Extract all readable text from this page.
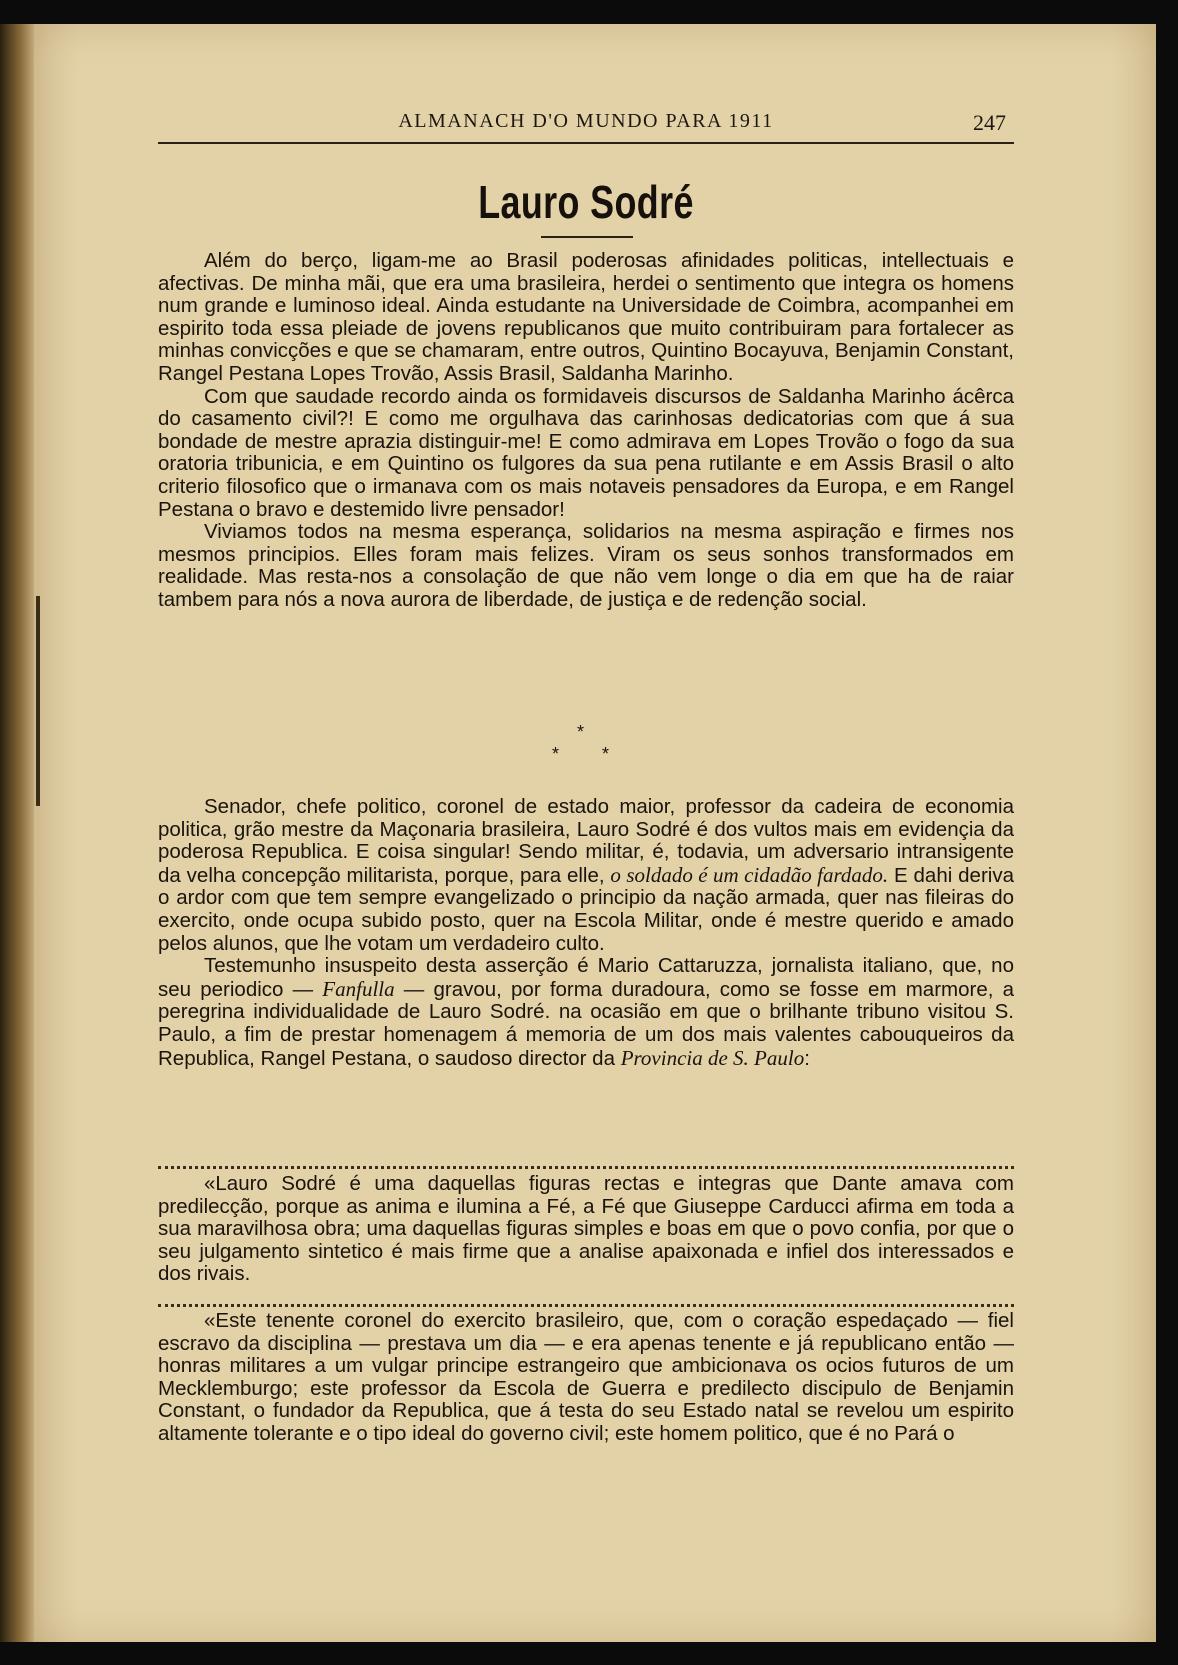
ALMANACH D'O MUNDO PARA 1911	247
Lauro Sodré

Além do berço, ligam-me ao Brasil poderosas afinidades politicas, intellectuais e afectivas. De minha mãi, que era uma brasileira, herdei o sentimento que integra os homens num grande e luminoso ideal. Ainda estudante na Universidade de Coimbra, acompanhei em espirito toda essa pleiade de jovens republicanos que muito contribuiram para fortalecer as minhas convicções e que se chamaram, entre outros, Quintino Bocayuva, Benjamin Constant, Rangel Pestana Lopes Trovão, Assis Brasil, Saldanha Marinho.

Com que saudade recordo ainda os formidaveis discursos de Saldanha Marinho ácêrca do casamento civil?! E como me orgulhava das carinhosas dedicatorias com que á sua bondade de mestre aprazia distinguir-me! E como admirava em Lopes Trovão o fogo da sua oratoria tribunicia, e em Quintino os fulgores da sua pena rutilante e em Assis Brasil o alto criterio filosofico que o irmanava com os mais notaveis pensadores da Europa, e em Rangel Pestana o bravo e destemido livre pensador!

Viviamos todos na mesma esperança, solidarios na mesma aspiração e firmes nos mesmos principios. Elles foram mais felizes. Viram os seus sonhos transformados em realidade. Mas resta-nos a consolação de que não vem longe o dia em que ha de raiar tambem para nós a nova aurora de liberdade, de justiça e de redenção social.

*
* *

Senador, chefe politico, coronel de estado maior, professor da cadeira de economia politica, grão mestre da Maçonaria brasileira, Lauro Sodré é dos vultos mais em evidençia da poderosa Republica. E coisa singular! Sendo militar, é, todavia, um adversario intransigente da velha concepção militarista, porque, para elle, o soldado é um cidadão fardado. E dahi deriva o ardor com que tem sempre evangelizado o principio da nação armada, quer nas fileiras do exercito, onde ocupa subido posto, quer na Escola Militar, onde é mestre querido e amado pelos alunos, que lhe votam um verdadeiro culto.

Testemunho insuspeito desta asserção é Mario Cattaruzza, jornalista italiano, que, no seu periodico — Fanfulla — gravou, por forma duradoura, como se fosse em marmore, a peregrina individualidade de Lauro Sodré. na ocasião em que o brilhante tribuno visitou S. Paulo, a fim de prestar homenagem á memoria de um dos mais valentes cabouqueiros da Republica, Rangel Pestana, o saudoso director da Provincia de S. Paulo:

«Lauro Sodré é uma daquellas figuras rectas e integras que Dante amava com predilecção, porque as anima e ilumina a Fé, a Fé que Giuseppe Carducci afirma em toda a sua maravilhosa obra; uma daquellas figuras simples e boas em que o povo confia, por que o seu julgamento sintetico é mais firme que a analise apaixonada e infiel dos interessados e dos rivais.

«Este tenente coronel do exercito brasileiro, que, com o coração espedaçado — fiel escravo da disciplina — prestava um dia — e era apenas tenente e já republicano então — honras militares a um vulgar principe estrangeiro que ambicionava os ocios futuros de um Mecklemburgo; este professor da Escola de Guerra e predilecto discipulo de Benjamin Constant, o fundador da Republica, que á testa do seu Estado natal se revelou um espirito altamente tolerante e o tipo ideal do governo civil; este homem politico, que é no Pará o
